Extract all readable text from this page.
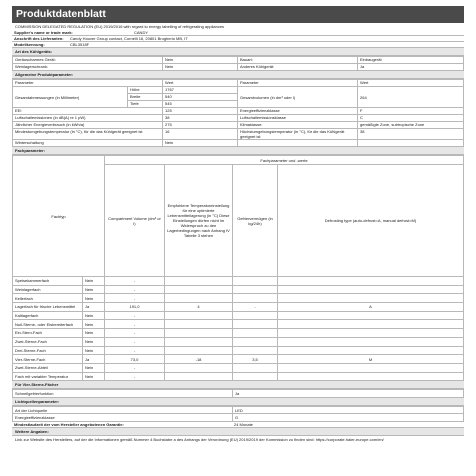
Produktdatenblatt
COMMISSION DELEGATED REGULATION (EU) 2019/2016 with regard to energy labelling of refrigerating appliances
Supplier's name or trade mark:	CANDY
Anschrift des Lieferanten:	Candy Hoover Group contact, Cornelli 16, 20801 Brugherio MB, IT
Modellkennung:	CBL3518F
Art des Kühlgeräts:
Geräuscharmes Gerät:	Nein	Bauart:	Einbaugerät
Weinlagerschrank:	Nein	Anderes Kühlgerät:	Ja
Allgemeine Produktparameter:
Parameter		Wert	Parameter	Wert
Gesamtabmessungen (in Millimeter)	Höhe	1767	Gesamtvolumen (in dm³ oder l)	264
	Breite	540		
	Tiefe	545		
EEI		125	Energieeffizienzklasse	F
Luftschallemissionen (in dB(A) re 1 pW)		38	Luftschallemissionsklasse	C
Jährlicher Energieverbrauch (in kWh/a)		275	Klimaklasse:	gemäßigte Zone, subtropische Zone
Mindestumgebungstemperatur (in °C), für die das Kühlgerät geeignet ist		16	Höchstumgebungstemperatur (in °C), für die das Kühlgerät geeignet ist	38
Winterschaltung		Nein		
Fachparameter:
Fachtyp		Fachparameter und -werte			
		Compartment Volume (dm³ or l)	Empfohlene Temperatureinstellung für eine optimierte Lebensmittellagerung (in °C) Diese Einstellungen dürfen nicht im Widerspruch zu den Lagerbedingungen nach Anhang IV Tabelle 3 stehen	Gefriervermögen (in kg/24h)	Defrosting type (auto-defrost=A, manual defrost=M)
Speisekammerfach	Nein	-			
Weinlagerfach	Nein	-			
Kellerfach	Nein	-			
Lagerfach für frische Lebensmittel	Ja	191,0	4	-	A
Kaltlagerfach	Nein	-			
Null-Sterne- oder Eisbereiterfach	Nein	-			
Ein-Stern-Fach	Nein	-			
Zwei-Sterne-Fach	Nein	-			
Drei-Sterne-Fach	Nein	-			
Vier-Sterne-Fach	Ja	73,0	-18	3,5	M
Zwei-Sterne-Abteil	Nein	-			
Fach mit variabler Temperatur	Nein	-			
Für Vier-Sterne-Fächer
Schnellgefrierfunktion	Ja
Lichtquellenparameter:
Art der Lichtquelle	LED
Energieeffizienzklasse	G
Mindestlaufzeit der vom Hersteller angebotenen Garantie:	24 Monate
Weitere Angaben:
Link zur Website des Herstellers, auf der die Informationen gemäß Nummer 4 Buchstabe a des Anhangs der Verordnung (EU) 2019/2019 der Kommission zu finden sind: https://corporate.haier-europe.com/en/
